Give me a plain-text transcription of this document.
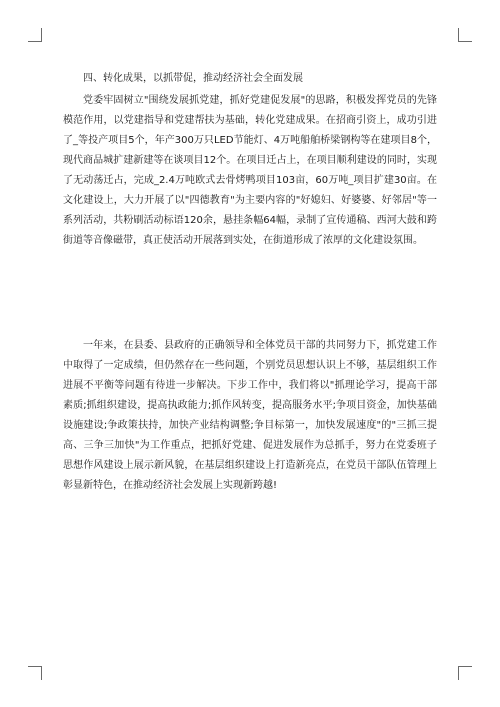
四、转化成果，以抓带促，推动经济社会全面发展

党委牢固树立"围绕发展抓党建，抓好党建促发展"的思路，积极发挥党员的先锋模范作用，以党建指导和党建帮扶为基础，转化党建成果。在招商引资上，成功引进了_等投产项目5个，年产300万只LED节能灯、4万吨船舶桥梁钢构等在建项目8个，现代商品城扩建新建等在谈项目12个。在项目迁占上，在项目顺利建设的同时，实现了无动荡迁占，完成_2.4万吨欧式去骨烤鸭项目103亩，60万吨_项目扩建30亩。在文化建设上，大力开展了以"四德教育"为主要内容的"好媳妇、好婆婆、好邻居"等一系列活动，共粉刷活动标语120余，悬挂条幅64幅，录制了宣传通稿、西河大鼓和跨街道等音像磁带，真正使活动开展落到实处，在街道形成了浓厚的文化建设氛围。

一年来，在县委、县政府的正确领导和全体党员干部的共同努力下，抓党建工作中取得了一定成绩，但仍然存在一些问题，个别党员思想认识上不够，基层组织工作进展不平衡等问题有待进一步解决。下步工作中，我们将以"抓理论学习，提高干部素质;抓组织建设，提高执政能力;抓作风转变，提高服务水平;争项目资金，加快基础设施建设;争政策扶持，加快产业结构调整;争目标第一，加快发展速度"的"三抓三提高、三争三加快"为工作重点，把抓好党建、促进发展作为总抓手，努力在党委班子思想作风建设上展示新风貌，在基层组织建设上打造新亮点，在党员干部队伍管理上彰显新特色，在推动经济社会发展上实现新跨越!
